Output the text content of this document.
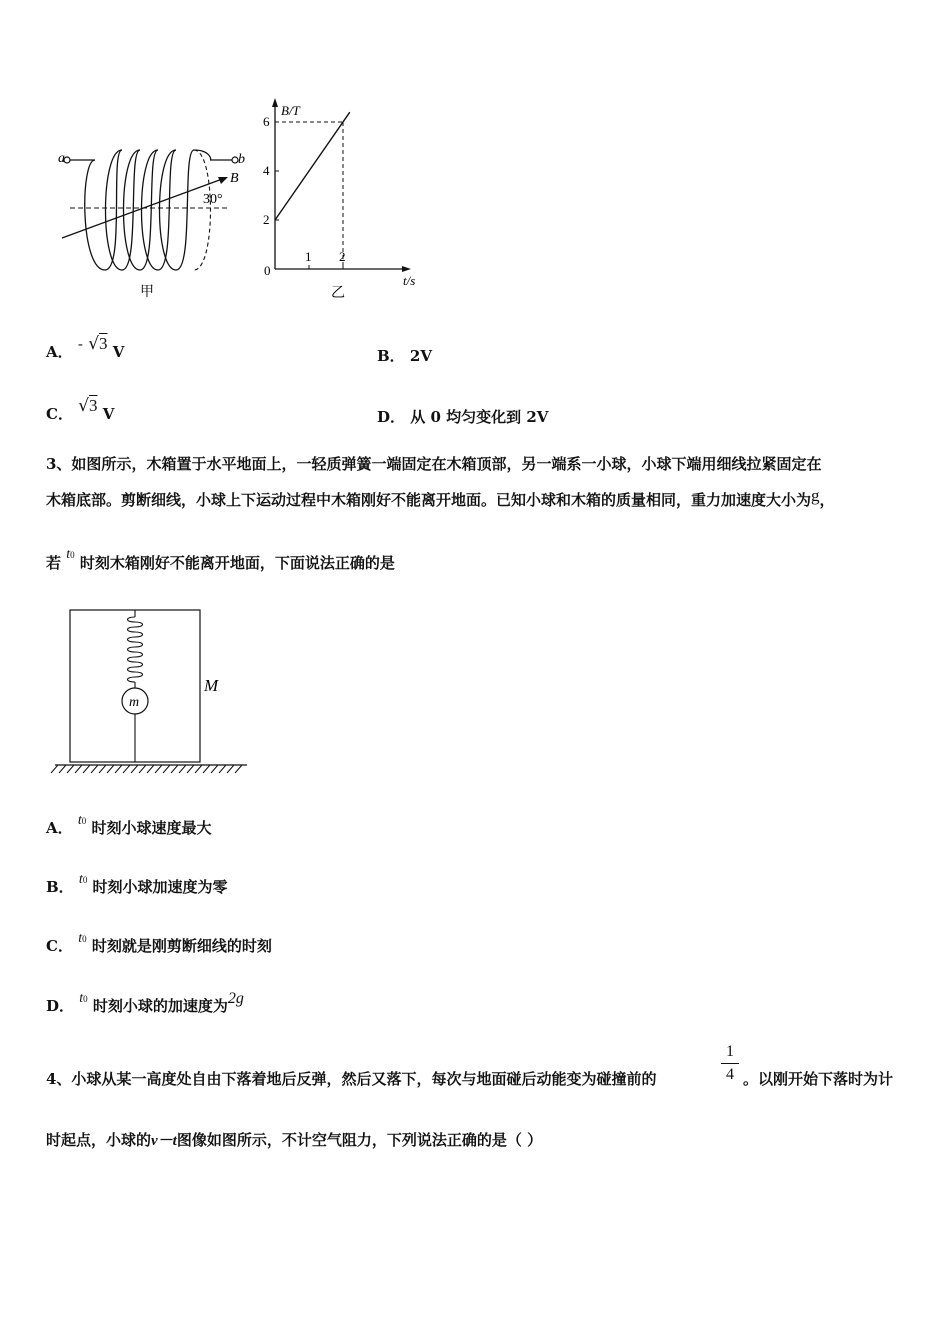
a	b
B
30°
甲
B/T
t/s
0
1 2
2
4
6
乙
A． - √3 V	B． 2V
C． √3 V	D． 从 0 均匀变化到 2V
3、如图所示，木箱置于水平地面上，一轻质弹簧一端固定在木箱顶部，另一端系一小球，小球下端用细线拉紧固定在
木箱底部。剪断细线，小球上下运动过程中木箱刚好不能离开地面。已知小球和木箱的质量相同，重力加速度大小为g，
若 t0 时刻木箱刚好不能离开地面，下面说法正确的是
m
M
A． t0 时刻小球速度最大
B． t0 时刻小球加速度为零
C． t0 时刻就是刚剪断细线的时刻
D． t0 时刻小球的加速度为2g
4、小球从某一高度处自由下落着地后反弹，然后又落下，每次与地面碰后动能变为碰撞前的
1
4 。以刚开始下落时为计
时起点，小球的v－t图像如图所示，不计空气阻力，下列说法正确的是（ ）
